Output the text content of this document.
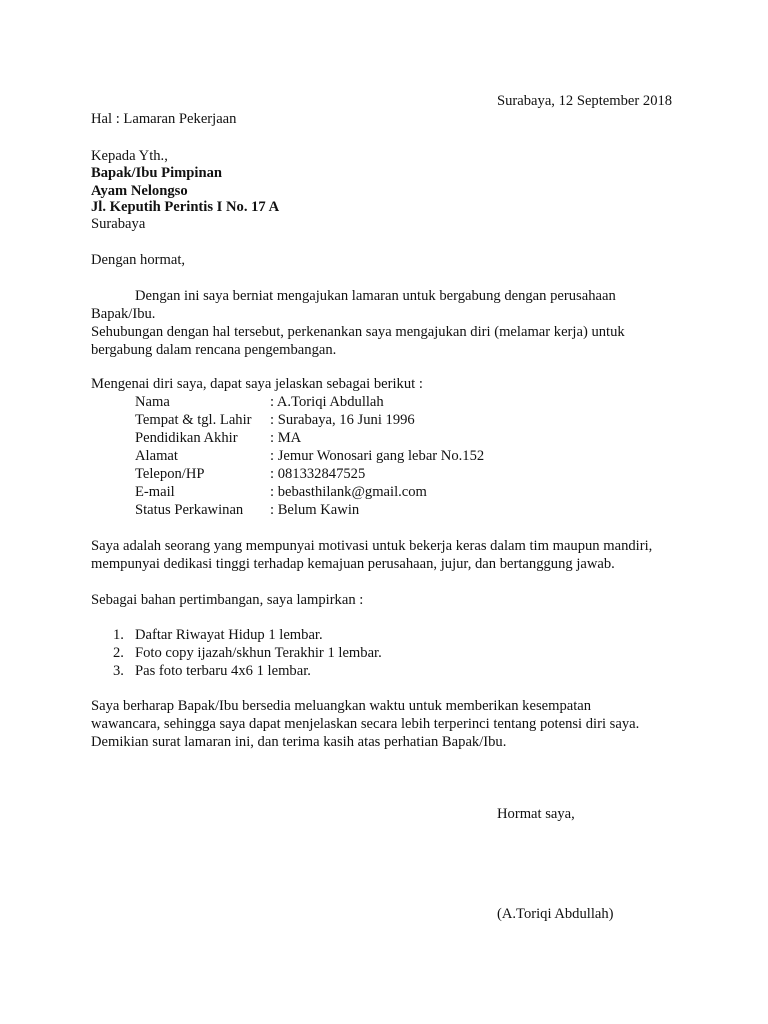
Surabaya, 12 September 2018
Hal : Lamaran Pekerjaan
Kepada Yth.,
Bapak/Ibu Pimpinan
Ayam Nelongso
Jl. Keputih Perintis I No. 17 A
Surabaya
Dengan hormat,
Dengan ini saya berniat mengajukan lamaran untuk bergabung dengan perusahaan Bapak/Ibu.
Sehubungan dengan hal tersebut, perkenankan saya mengajukan diri (melamar kerja) untuk bergabung dalam rencana pengembangan.
Mengenai diri saya, dapat saya jelaskan sebagai berikut :
Nama	: A.Toriqi Abdullah
Tempat & tgl. Lahir : Surabaya, 16 Juni 1996
Pendidikan Akhir : MA
Alamat	: Jemur Wonosari gang lebar No.152
Telepon/HP	: 081332847525
E-mail	: bebasthilank@gmail.com
Status Perkawinan : Belum Kawin
Saya adalah seorang yang mempunyai motivasi untuk bekerja keras dalam tim maupun mandiri, mempunyai dedikasi tinggi terhadap kemajuan perusahaan, jujur, dan bertanggung jawab.
Sebagai bahan pertimbangan, saya lampirkan :
1. Daftar Riwayat Hidup 1 lembar.
2. Foto copy ijazah/skhun Terakhir 1 lembar.
3. Pas foto terbaru 4x6 1 lembar.
Saya berharap Bapak/Ibu bersedia meluangkan waktu untuk memberikan kesempatan wawancara, sehingga saya dapat menjelaskan secara lebih terperinci tentang potensi diri saya.
Demikian surat lamaran ini, dan terima kasih atas perhatian Bapak/Ibu.
Hormat saya,
(A.Toriqi Abdullah)
